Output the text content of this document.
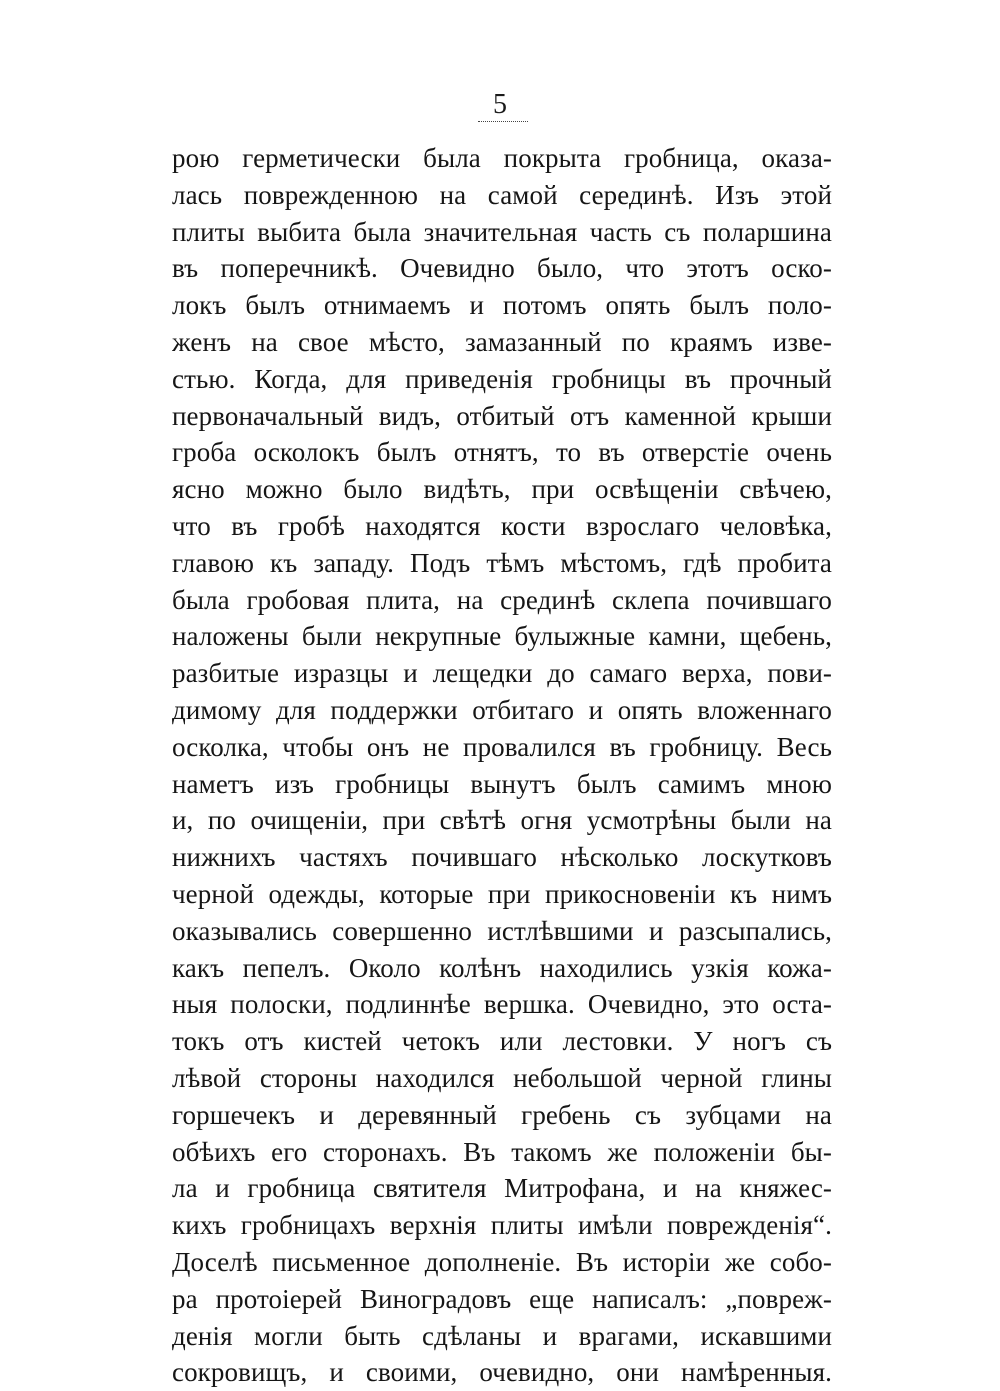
5
рою герметически была покрыта гробница, оказа-
лась поврежденною на самой серединѣ. Изъ этой
плиты выбита была значительная часть съ поларшина
въ поперечникѣ. Очевидно было, что этотъ оско-
локъ былъ отнимаемъ и потомъ опять былъ поло-
женъ на свое мѣсто, замазанный по краямъ изве-
стью. Когда, для приведенія гробницы въ прочный
первоначальный видъ, отбитый отъ каменной крыши
гроба осколокъ былъ отнятъ, то въ отверстіе очень
ясно можно было видѣть, при освѣщеніи свѣчею,
что въ гробѣ находятся кости взрослаго человѣка,
главою къ западу. Подъ тѣмъ мѣстомъ, гдѣ пробита
была гробовая плита, на срединѣ склепа почившаго
наложены были некрупные булыжные камни, щебень,
разбитые изразцы и лещедки до самаго верха, пови-
димому для поддержки отбитаго и опять вложеннаго
осколка, чтобы онъ не провалился въ гробницу. Весь
наметъ изъ гробницы вынутъ былъ самимъ мною
и, по очищеніи, при свѣтѣ огня усмотрѣны были на
нижнихъ частяхъ почившаго нѣсколько лоскутковъ
черной одежды, которые при прикосновеніи къ нимъ
оказывались совершенно истлѣвшими и разсыпались,
какъ пепелъ. Около колѣнъ находились узкія кожа-
ныя полоски, подлиннѣе вершка. Очевидно, это оста-
токъ отъ кистей четокъ или лестовки. У ногъ съ
лѣвой стороны находился небольшой черной глины
горшечекъ и деревянный гребень съ зубцами на
обѣихъ его сторонахъ. Въ такомъ же положеніи бы-
ла и гробница святителя Митрофана, и на княжес-
кихъ гробницахъ верхнія плиты имѣли поврежденія“.
Доселѣ письменное дополненіе. Въ исторіи же собо-
ра протоіерей Виноградовъ еще написалъ: „повреж-
денія могли быть сдѣланы и врагами, искавшими
сокровищъ, и своими, очевидно, они намѣренныя.
